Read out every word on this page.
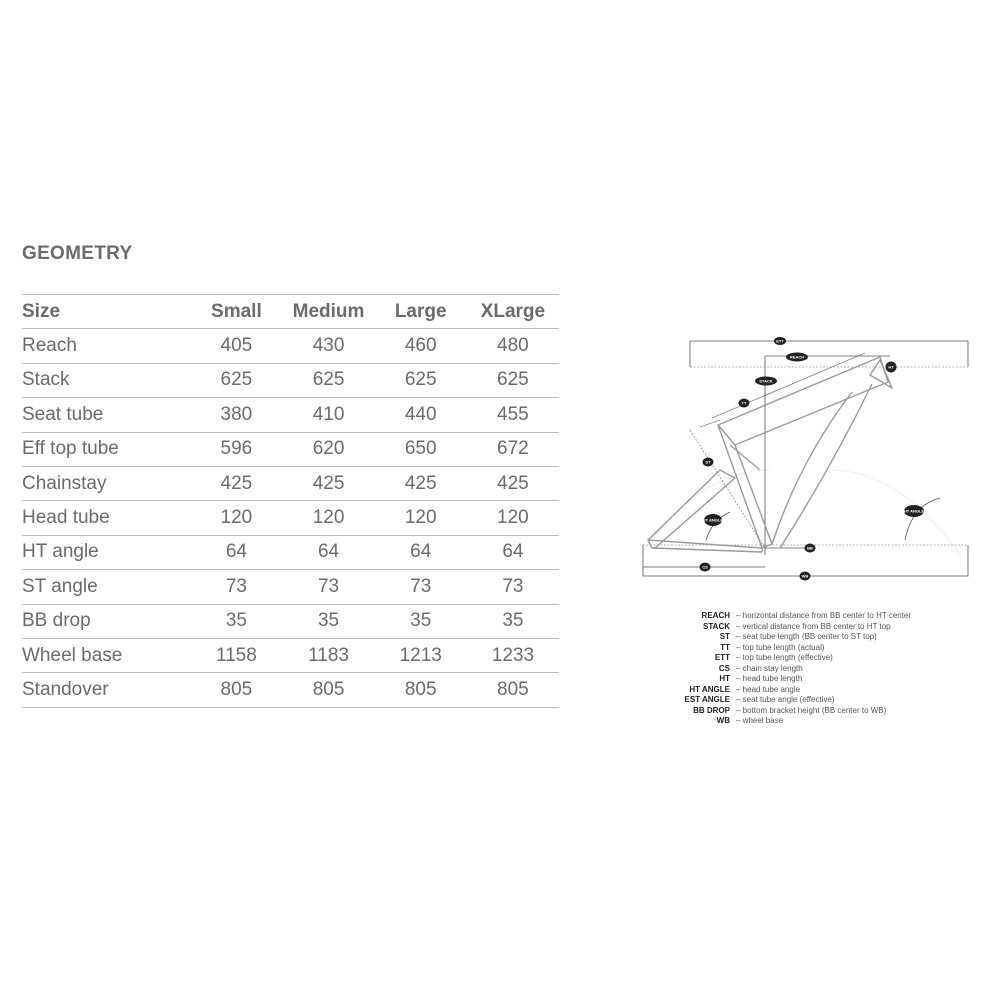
GEOMETRY
Size	Small	Medium	Large	XLarge
Reach	405	430	460	480
Stack	625	625	625	625
Seat tube	380	410	440	455
Eff top tube	596	620	650	672
Chainstay	425	425	425	425
Head tube	120	120	120	120
HT angle	64	64	64	64
ST angle	73	73	73	73
BB drop	35	35	35	35
Wheel base	1158	1183	1213	1233
Standover	805	805	805	805
ETT
REACH
STACK
HT
TT
ST
ST ANGLE
HT ANGLE
BB
CS
WB
REACH – horizontal distance from BB center to HT center
STACK – vertical distance from BB center to HT top
ST – seat tube length (BB center to ST top)
TT – top tube length (actual)
ETT – top tube length (effective)
CS – chain stay length
HT – head tube length
HT ANGLE – head tube angle
EST ANGLE – seat tube angle (effective)
BB DROP – bottom bracket height (BB center to WB)
WB – wheel base
